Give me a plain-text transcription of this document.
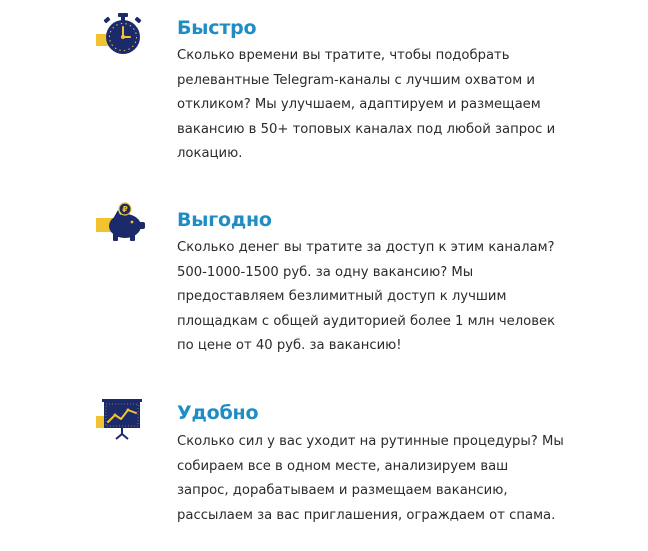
Быстро
Сколько времени вы тратите, чтобы подобрать
релевантные Telegram-каналы с лучшим охватом и
откликом? Мы улучшаем, адаптируем и размещаем
вакансию в 50+ топовых каналах под любой запрос и
локацию.
₽	Выгодно
Сколько денег вы тратите за доступ к этим каналам?
500-1000-1500 руб. за одну вакансию? Мы
предоставляем безлимитный доступ к лучшим
площадкам с общей аудиторией более 1 млн человек
по цене от 40 руб. за вакансию!
Удобно
Сколько сил у вас уходит на рутинные процедуры? Мы
собираем все в одном месте, анализируем ваш
запрос, дорабатываем и размещаем вакансию,
рассылаем за вас приглашения, ограждаем от спама.
